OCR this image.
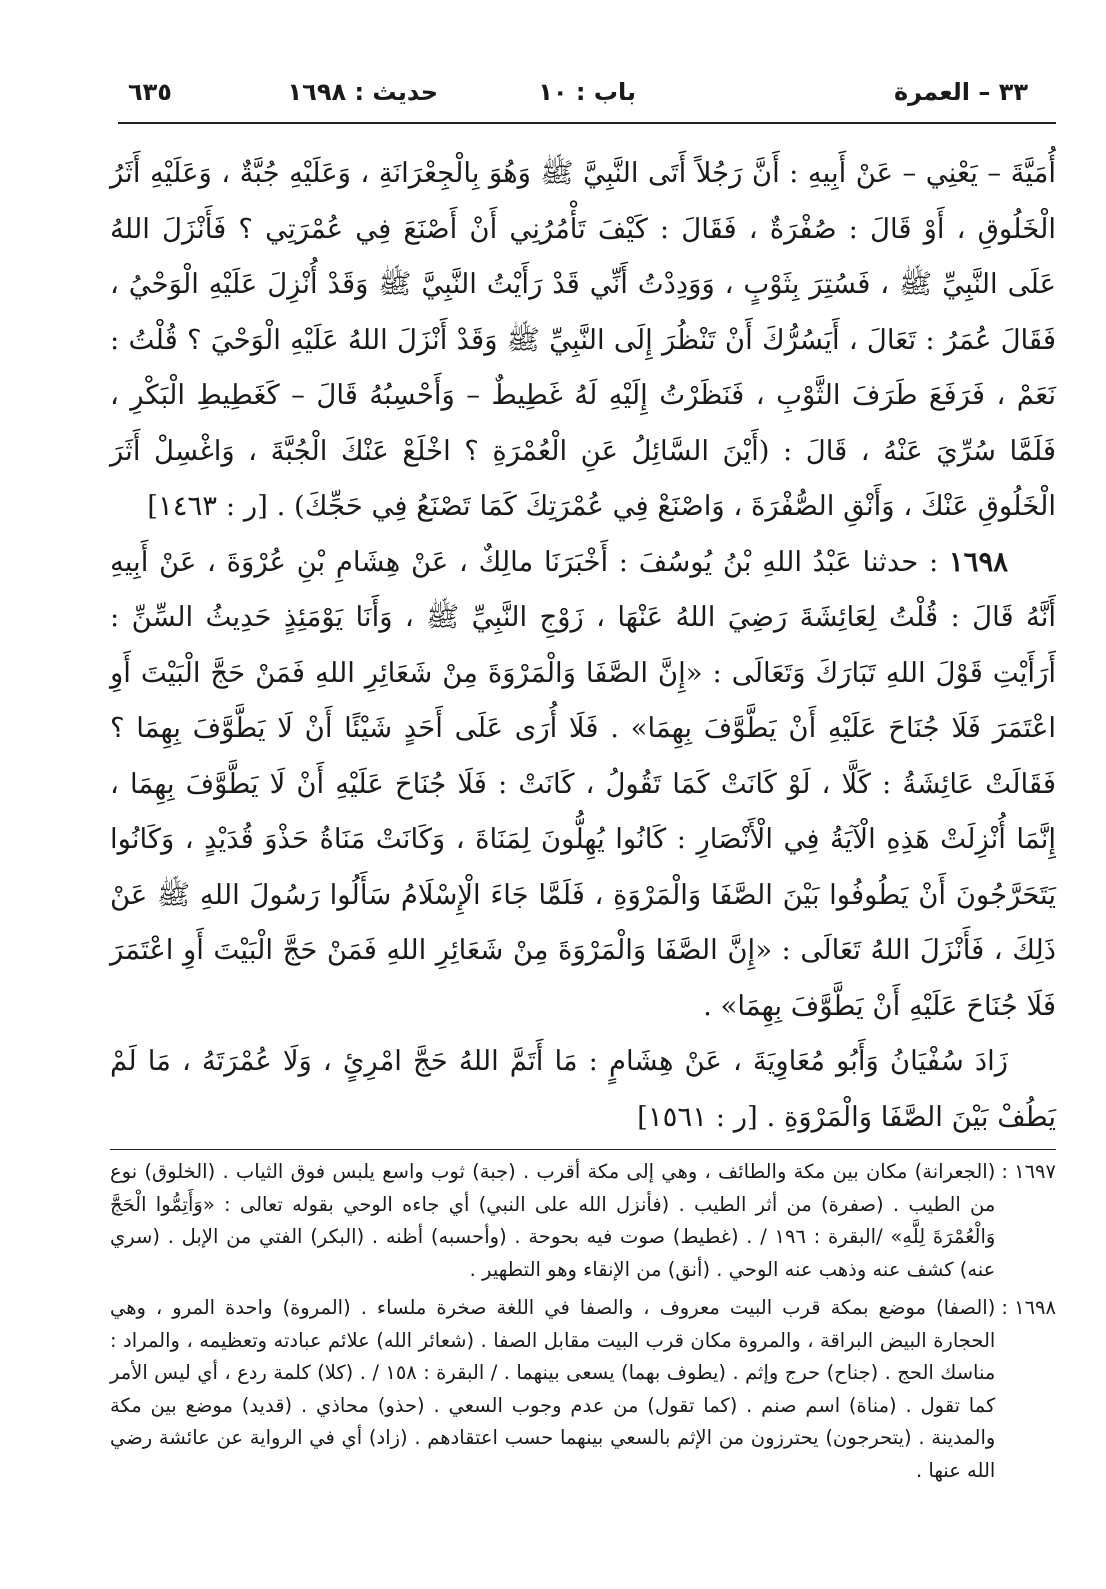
٣٣ – العمرة
باب : ١٠
حديث : ١٦٩٨
٦٣٥

أُمَيَّةَ – يَعْنِي – عَنْ أَبِيهِ : أَنَّ رَجُلاً أَتَى النَّبِيَّ ﷺ وَهُوَ بِالْجِعْرَانَةِ ، وَعَلَيْهِ جُبَّةٌ ، وَعَلَيْهِ أَثَرُ الْخَلُوقِ ، أَوْ قَالَ : صُفْرَةٌ ، فَقَالَ : كَيْفَ تَأْمُرُنِي أَنْ أَصْنَعَ فِي عُمْرَتِي ؟ فَأَنْزَلَ اللهُ عَلَى النَّبِيِّ ﷺ ، فَسُتِرَ بِثَوْبٍ ، وَوَدِدْتُ أَنِّي قَدْ رَأَيْتُ النَّبِيَّ ﷺ وَقَدْ أُنْزِلَ عَلَيْهِ الْوَحْيُ ، فَقَالَ عُمَرُ : تَعَالَ ، أَيَسُرُّكَ أَنْ تَنْظُرَ إِلَى النَّبِيِّ ﷺ وَقَدْ أَنْزَلَ اللهُ عَلَيْهِ الْوَحْيَ ؟ قُلْتُ : نَعَمْ ، فَرَفَعَ طَرَفَ الثَّوْبِ ، فَنَظَرْتُ إِلَيْهِ لَهُ غَطِيطٌ – وَأَحْسِبُهُ قَالَ – كَغَطِيطِ الْبَكْرِ ، فَلَمَّا سُرِّيَ عَنْهُ ، قَالَ : (أَيْنَ السَّائِلُ عَنِ الْعُمْرَةِ ؟ اخْلَعْ عَنْكَ الْجُبَّةَ ، وَاغْسِلْ أَثَرَ الْخَلُوقِ عَنْكَ ، وَأَنْقِ الصُّفْرَةَ ، وَاصْنَعْ فِي عُمْرَتِكَ كَمَا تَصْنَعُ فِي حَجِّكَ) . [ر : ١٤٦٣]

١٦٩٨ : حدثنا عَبْدُ اللهِ بْنُ يُوسُفَ : أَخْبَرَنَا مالِكٌ ، عَنْ هِشَامِ بْنِ عُرْوَةَ ، عَنْ أَبِيهِ أَنَّهُ قَالَ : قُلْتُ لِعَائِشَةَ رَضِيَ اللهُ عَنْهَا ، زَوْجِ النَّبِيِّ ﷺ ، وَأَنَا يَوْمَئِذٍ حَدِيثُ السِّنِّ : أَرَأَيْتِ قَوْلَ اللهِ تَبَارَكَ وَتَعَالَى : «إِنَّ الصَّفَا وَالْمَرْوَةَ مِنْ شَعَائِرِ اللهِ فَمَنْ حَجَّ الْبَيْتَ أَوِ اعْتَمَرَ فَلَا جُنَاحَ عَلَيْهِ أَنْ يَطَّوَّفَ بِهِمَا» . فَلَا أُرَى عَلَى أَحَدٍ شَيْئًا أَنْ لَا يَطَّوَّفَ بِهِمَا ؟ فَقَالَتْ عَائِشَةُ : كَلَّا ، لَوْ كَانَتْ كَمَا تَقُولُ ، كَانَتْ : فَلَا جُنَاحَ عَلَيْهِ أَنْ لَا يَطَّوَّفَ بِهِمَا ، إِنَّمَا أُنْزِلَتْ هَذِهِ الْآيَةُ فِي الْأَنْصَارِ : كَانُوا يُهِلُّونَ لِمَنَاةَ ، وَكَانَتْ مَنَاةُ حَذْوَ قُدَيْدٍ ، وَكَانُوا يَتَحَرَّجُونَ أَنْ يَطُوفُوا بَيْنَ الصَّفَا وَالْمَرْوَةِ ، فَلَمَّا جَاءَ الْإِسْلَامُ سَأَلُوا رَسُولَ اللهِ ﷺ عَنْ ذَلِكَ ، فَأَنْزَلَ اللهُ تَعَالَى : «إِنَّ الصَّفَا وَالْمَرْوَةَ مِنْ شَعَائِرِ اللهِ فَمَنْ حَجَّ الْبَيْتَ أَوِ اعْتَمَرَ فَلَا جُنَاحَ عَلَيْهِ أَنْ يَطَّوَّفَ بِهِمَا» .

زَادَ سُفْيَانُ وَأَبُو مُعَاوِيَةَ ، عَنْ هِشَامٍ : مَا أَتَمَّ اللهُ حَجَّ امْرِئٍ ، وَلَا عُمْرَتَهُ ، مَا لَمْ يَطُفْ بَيْنَ الصَّفَا وَالْمَرْوَةِ . [ر : ١٥٦١]

١٦٩٧ :
(الجعرانة) مكان بين مكة والطائف ، وهي إلى مكة أقرب . (جبة) ثوب واسع يلبس فوق الثياب . (الخلوق) نوع من الطيب . (صفرة) من أثر الطيب . (فأنزل الله على النبي) أي جاءه الوحي بقوله تعالى : «وَأَتِمُّوا الْحَجَّ وَالْعُمْرَةَ لِلَّهِ» /البقرة : ١٩٦ / . (غطيط) صوت فيه بحوحة . (وأحسبه) أظنه . (البكر) الفتي من الإبل . (سري عنه) كشف عنه وذهب عنه الوحي . (أنق) من الإنقاء وهو التطهير .
١٦٩٨ :
(الصفا) موضع بمكة قرب البيت معروف ، والصفا في اللغة صخرة ملساء . (المروة) واحدة المرو ، وهي الحجارة البيض البراقة ، والمروة مكان قرب البيت مقابل الصفا . (شعائر الله) علائم عبادته وتعظيمه ، والمراد : مناسك الحج . (جناح) حرج وإثم . (يطوف بهما) يسعى بينهما . / البقرة : ١٥٨ / . (كلا) كلمة ردع ، أي ليس الأمر كما تقول . (مناة) اسم صنم . (كما تقول) من عدم وجوب السعي . (حذو) محاذي . (قديد) موضع بين مكة والمدينة . (يتحرجون) يحترزون من الإثم بالسعي بينهما حسب اعتقادهم . (زاد) أي في الرواية عن عائشة رضي الله عنها .
